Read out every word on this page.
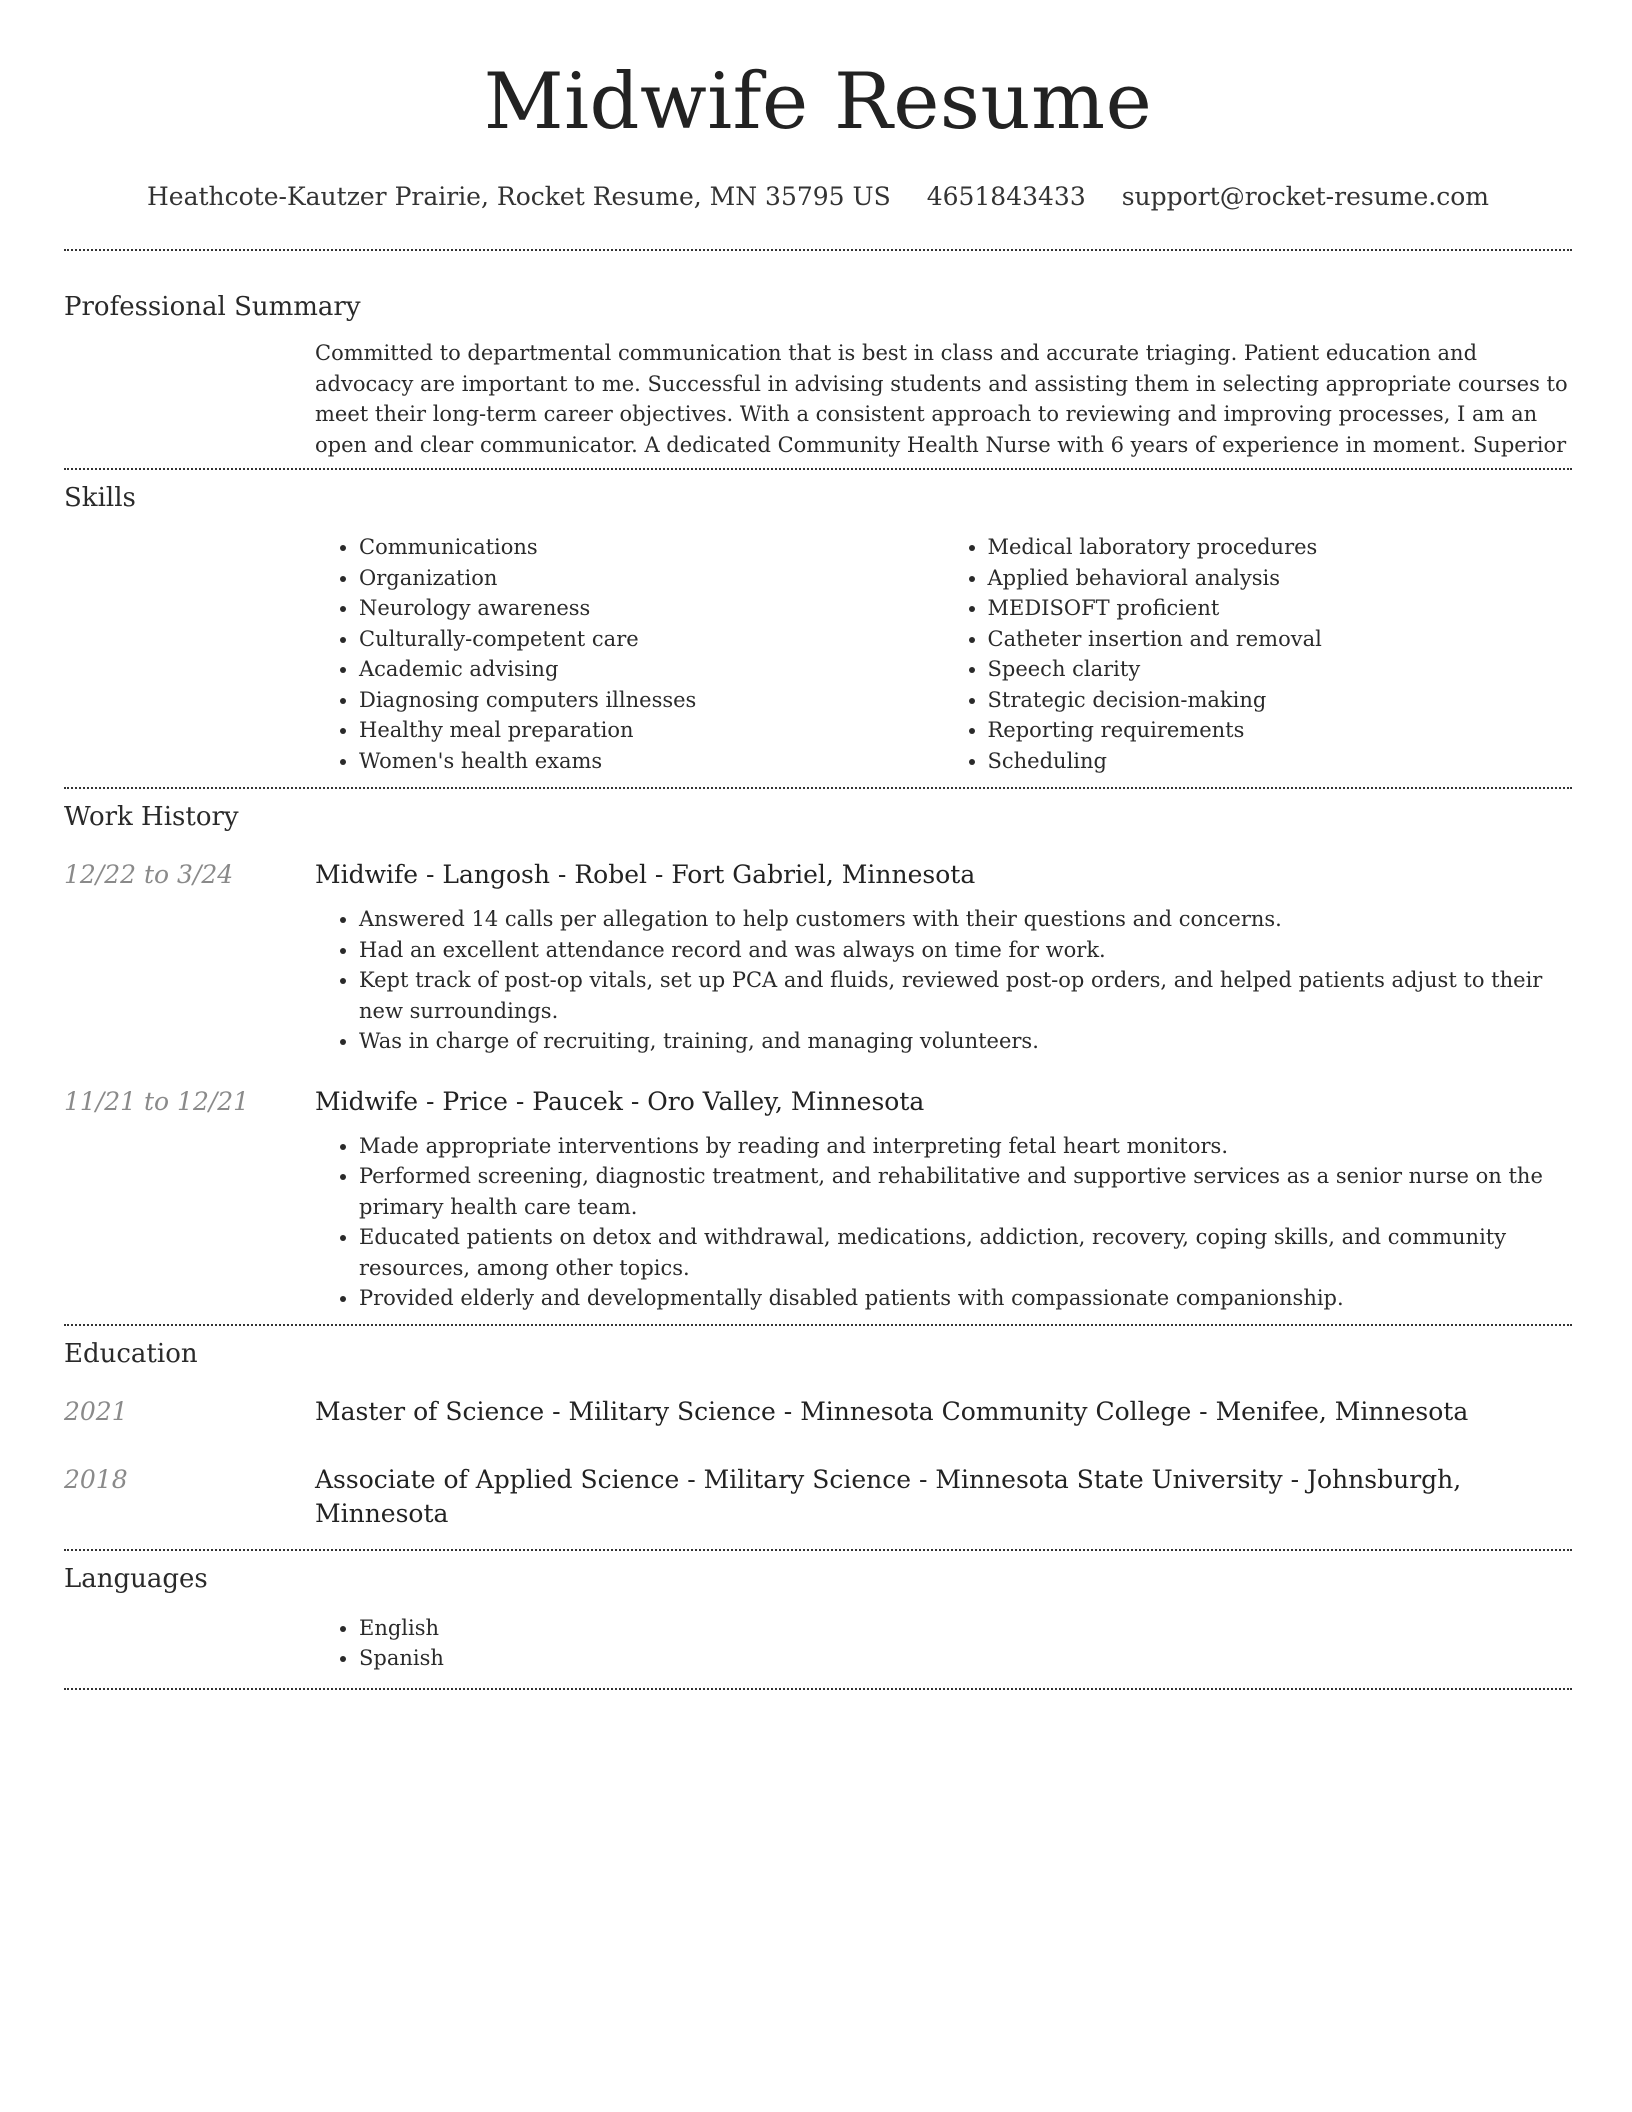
Midwife Resume
Heathcote-Kautzer Prairie, Rocket Resume, MN 35795 US 4651843433 support@rocket-resume.com
Professional Summary
Committed to departmental communication that is best in class and accurate triaging. Patient education and advocacy are important to me. Successful in advising students and assisting them in selecting appropriate courses to meet their long-term career objectives. With a consistent approach to reviewing and improving processes, I am an open and clear communicator. A dedicated Community Health Nurse with 6 years of experience in moment. Superior
Skills
• Communications
• Organization
• Neurology awareness
• Culturally-competent care
• Academic advising
• Diagnosing computers illnesses
• Healthy meal preparation
• Women's health exams
• Medical laboratory procedures
• Applied behavioral analysis
• MEDISOFT proficient
• Catheter insertion and removal
• Speech clarity
• Strategic decision-making
• Reporting requirements
• Scheduling
Work History
12/22 to 3/24	Midwife - Langosh - Robel - Fort Gabriel, Minnesota
• Answered 14 calls per allegation to help customers with their questions and concerns.
• Had an excellent attendance record and was always on time for work.
• Kept track of post-op vitals, set up PCA and fluids, reviewed post-op orders, and helped patients adjust to their new surroundings.
• Was in charge of recruiting, training, and managing volunteers.
11/21 to 12/21	Midwife - Price - Paucek - Oro Valley, Minnesota
• Made appropriate interventions by reading and interpreting fetal heart monitors.
• Performed screening, diagnostic treatment, and rehabilitative and supportive services as a senior nurse on the primary health care team.
• Educated patients on detox and withdrawal, medications, addiction, recovery, coping skills, and community resources, among other topics.
• Provided elderly and developmentally disabled patients with compassionate companionship.
Education
2021	Master of Science - Military Science - Minnesota Community College - Menifee, Minnesota
2018	Associate of Applied Science - Military Science - Minnesota State University - Johnsburgh, Minnesota
Languages
• English
• Spanish
